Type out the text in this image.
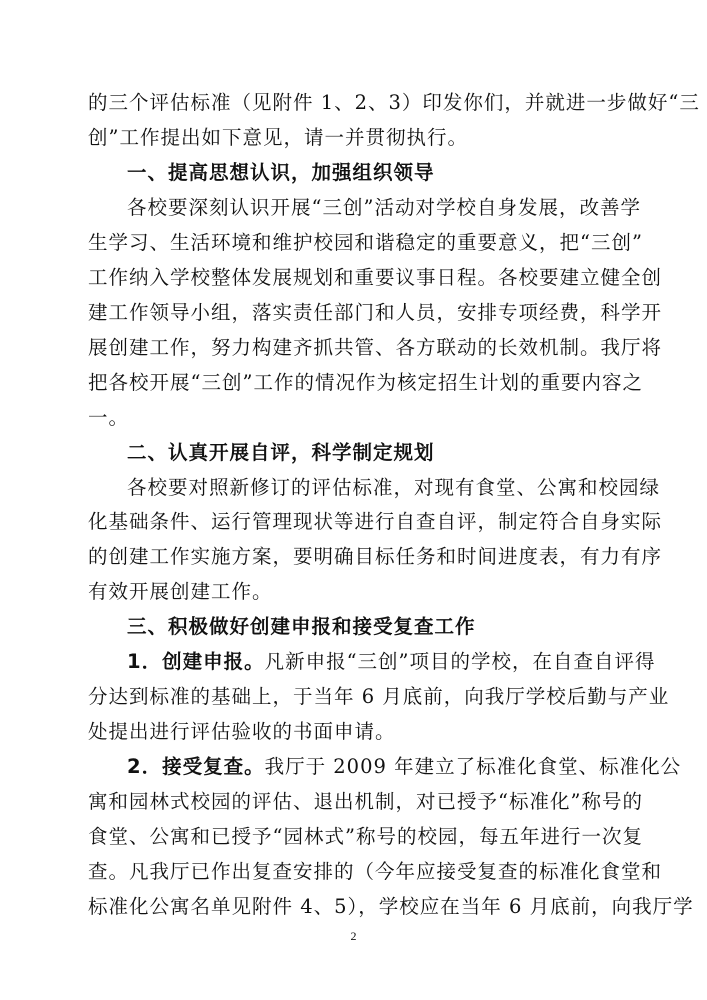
的三个评估标准（见附件 1、2、3）印发你们，并就进一步做好“三
创”工作提出如下意见，请一并贯彻执行。
一、提高思想认识，加强组织领导
各校要深刻认识开展“三创”活动对学校自身发展，改善学
生学习、生活环境和维护校园和谐稳定的重要意义，把“三创”
工作纳入学校整体发展规划和重要议事日程。各校要建立健全创
建工作领导小组，落实责任部门和人员，安排专项经费，科学开
展创建工作，努力构建齐抓共管、各方联动的长效机制。我厅将
把各校开展“三创”工作的情况作为核定招生计划的重要内容之
一。
二、认真开展自评，科学制定规划
各校要对照新修订的评估标准，对现有食堂、公寓和校园绿
化基础条件、运行管理现状等进行自查自评，制定符合自身实际
的创建工作实施方案，要明确目标任务和时间进度表，有力有序
有效开展创建工作。
三、积极做好创建申报和接受复查工作
1．创建申报。凡新申报“三创”项目的学校，在自查自评得
分达到标准的基础上，于当年 6 月底前，向我厅学校后勤与产业
处提出进行评估验收的书面申请。
2．接受复查。我厅于 2009 年建立了标准化食堂、标准化公
寓和园林式校园的评估、退出机制，对已授予“标准化”称号的
食堂、公寓和已授予“园林式”称号的校园，每五年进行一次复
查。凡我厅已作出复查安排的（今年应接受复查的标准化食堂和
标准化公寓名单见附件 4、5），学校应在当年 6 月底前，向我厅学
2
